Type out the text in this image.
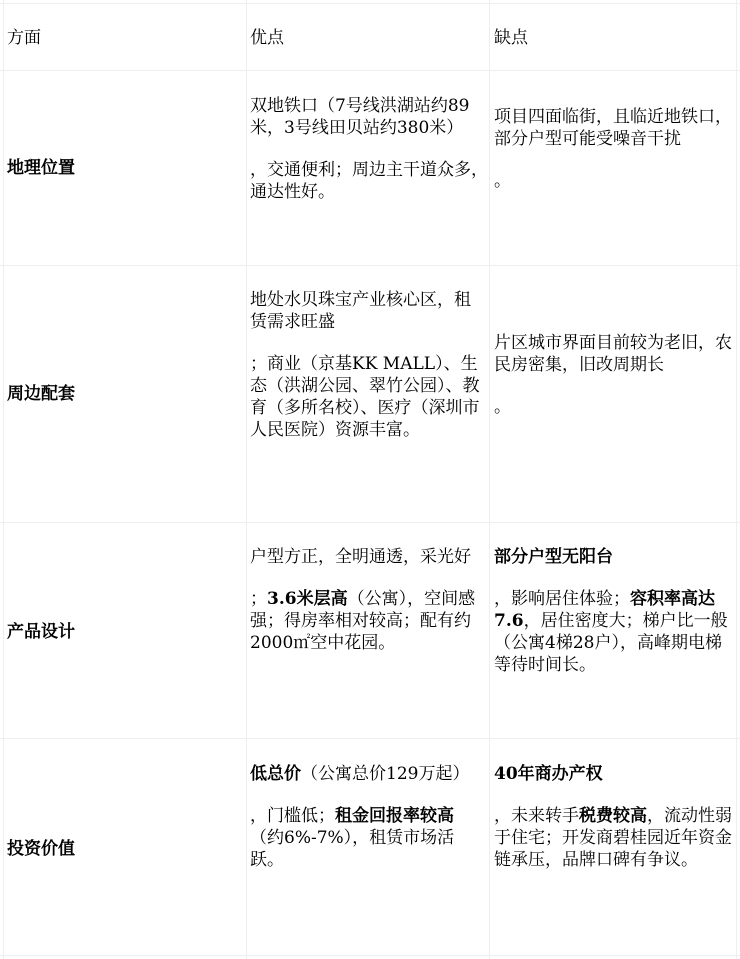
方面	优点	缺点
地理位置

双地铁口（7号线洪湖站约89米，3号线田贝站约380米）

，交通便利；周边主干道众多，通达性好。

项目四面临街，且临近地铁口，部分户型可能受噪音干扰

。

周边配套

地处水贝珠宝产业核心区，租赁需求旺盛

；商业（京基KK MALL）、生态（洪湖公园、翠竹公园）、教育（多所名校）、医疗（深圳市人民医院）资源丰富。

片区城市界面目前较为老旧，农民房密集，旧改周期长

。

产品设计

户型方正，全明通透，采光好

；3.6米层高（公寓），空间感强；得房率相对较高；配有约2000㎡空中花园。

部分户型无阳台

，影响居住体验；容积率高达7.6，居住密度大；梯户比一般（公寓4梯28户），高峰期电梯等待时间长。

投资价值

低总价（公寓总价129万起）

，门槛低；租金回报率较高（约6%-7%），租赁市场活跃。

40年商办产权

，未来转手税费较高，流动性弱于住宅；开发商碧桂园近年资金链承压，品牌口碑有争议。
